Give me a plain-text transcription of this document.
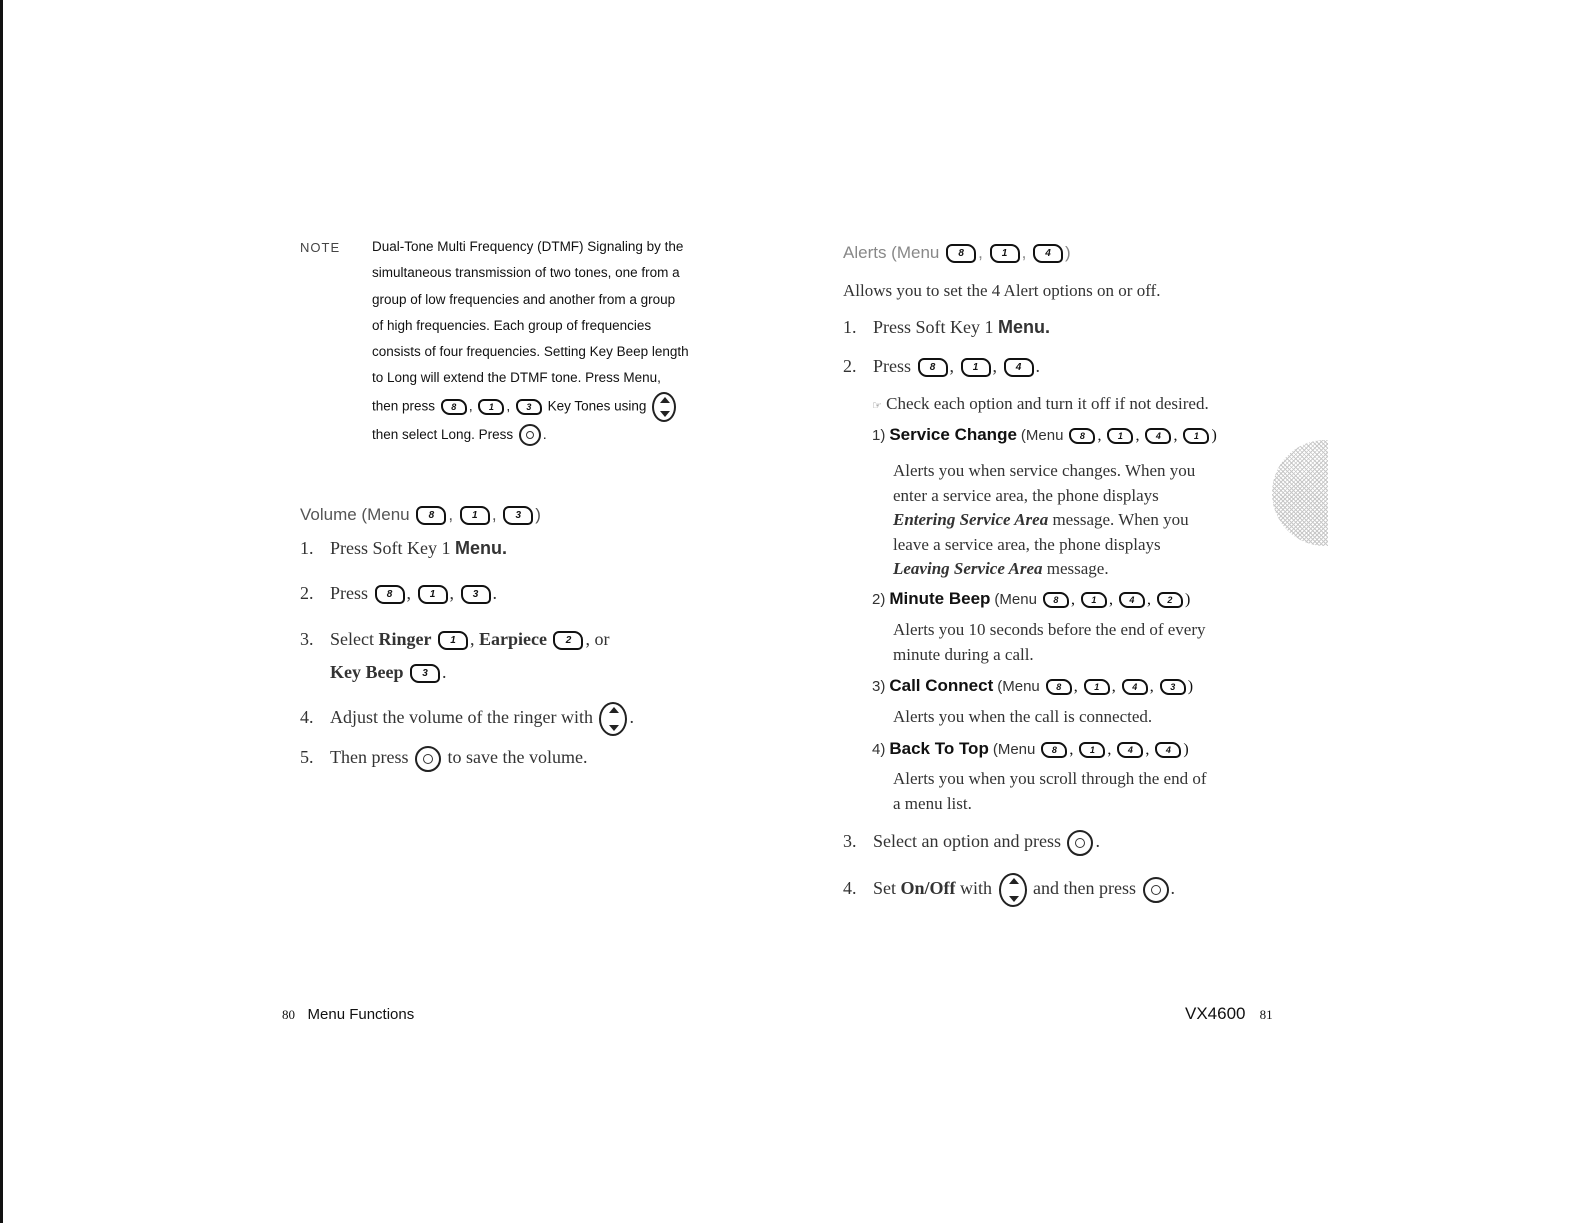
NOTE Dual-Tone Multi Frequency (DTMF) Signaling by the
simultaneous transmission of two tones, one from a
group of low frequencies and another from a group
of high frequencies. Each group of frequencies
consists of four frequencies. Setting Key Beep length
to Long will extend the DTMF tone. Press Menu,
then press 8 , 1 , 3 Key Tones using
then select Long. Press .
Volume (Menu 8 , 1 , 3 )
1. Press Soft Key 1 Menu.
2. Press 8 , 1 , 3 .
3. Select Ringer 1 , Earpiece 2 , or
Key Beep 3 .
4. Adjust the volume of the ringer with .
5. Then press to save the volume.
Alerts (Menu 8 , 1 , 4 )
Allows you to set the 4 Alert options on or off.
1. Press Soft Key 1 Menu.
2. Press 8 , 1 , 4 .
☞ Check each option and turn it off if not desired.
1) Service Change (Menu 8 , 1 , 4 , 1 )
Alerts you when service changes. When you
enter a service area, the phone displays
Entering Service Area message. When you
leave a service area, the phone displays
Leaving Service Area message.
2) Minute Beep (Menu 8 , 1 , 4 , 2 )
Alerts you 10 seconds before the end of every
minute during a call.
3) Call Connect (Menu 8 , 1 , 4 , 3 )
Alerts you when the call is connected.
4) Back To Top (Menu 8 , 1 , 4 , 4 )
Alerts you when you scroll through the end of
a menu list.
3. Select an option and press .
4. Set On/Off with and then press .
80 Menu Functions	VX4600 81
